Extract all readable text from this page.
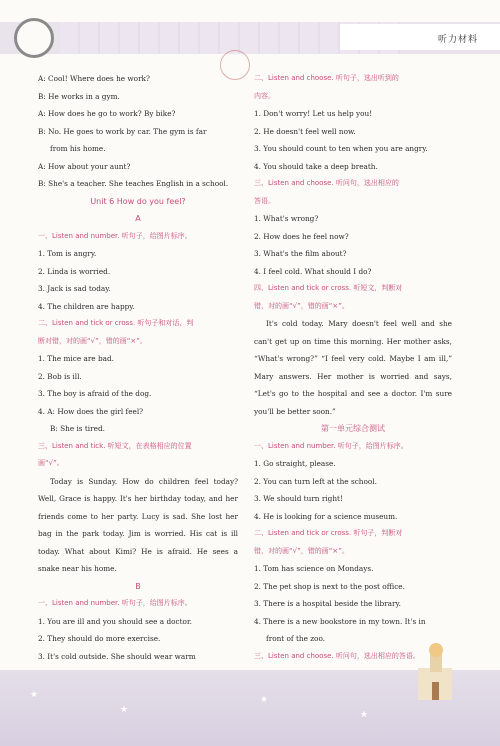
听力材料
A: Cool! Where does he work?
B: He works in a gym.
A: How does he go to work? By bike?
B: No. He goes to work by car. The gym is far
from his home.
A: How about your aunt?
B: She's a teacher. She teaches English in a school.
Unit 6 How do you feel?
A
一、Listen and number. 听句子，给图片标序。
1. Tom is angry.
2. Linda is worried.
3. Jack is sad today.
4. The children are happy.
二、Listen and tick or cross. 听句子和对话，判
断对错，对的画“√”，错的画“×”。
1. The mice are bad.
2. Bob is ill.
3. The boy is afraid of the dog.
4. A: How does the girl feel?
B: She is tired.
三、Listen and tick. 听短文，在表格相应的位置
画“√”。
Today is Sunday. How do children feel today? Well, Grace is happy. It's her birthday today, and her friends come to her party. Lucy is sad. She lost her bag in the park today. Jim is worried. His cat is ill today. What about Kimi? He is afraid. He sees a snake near his home.
B
一、Listen and number. 听句子，给图片标序。
1. You are ill and you should see a doctor.
2. They should do more exercise.
3. It's cold outside. She should wear warm
二、Listen and choose. 听句子，选出听到的
内容。
1. Don't worry! Let us help you!
2. He doesn't feel well now.
3. You should count to ten when you are angry.
4. You should take a deep breath.
三、Listen and choose. 听问句，选出相应的
答语。
1. What's wrong?
2. How does he feel now?
3. What's the film about?
4. I feel cold. What should I do?
四、Listen and tick or cross. 听短文，判断对
错，对的画“√”，错的画“×”。
It's cold today. Mary doesn't feel well and she can't get up on time this morning. Her mother asks, “What's wrong?” “I feel very cold. Maybe I am ill,” Mary answers. Her mother is worried and says, “Let's go to the hospital and see a doctor. I'm sure you'll be better soon.”
第一单元综合测试
一、Listen and number. 听句子，给图片标序。
1. Go straight, please.
2. You can turn left at the school.
3. We should turn right!
4. He is looking for a science museum.
二、Listen and tick or cross. 听句子，判断对
错，对的画“√”，错的画“×”。
1. Tom has science on Mondays.
2. The pet shop is next to the post office.
3. There is a hospital beside the library.
4. There is a new bookstore in my town. It's in
front of the zoo.
三、Listen and choose. 听问句，选出相应的答语。
★
★
★
★
